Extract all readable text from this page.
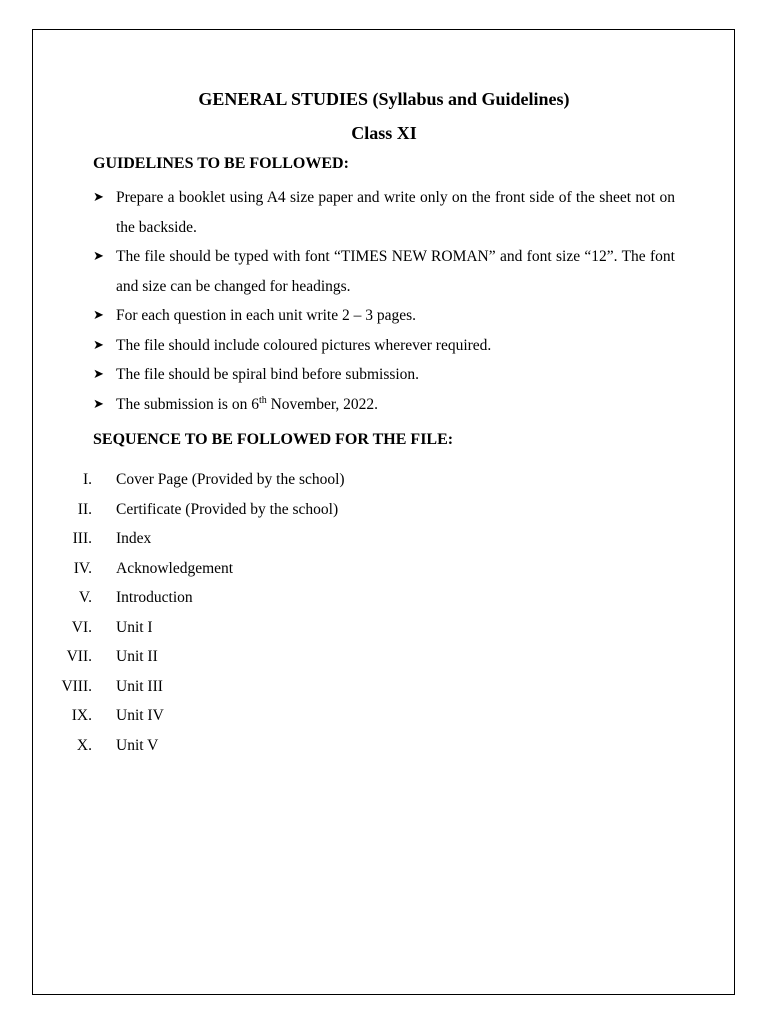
GENERAL STUDIES (Syllabus and Guidelines)
Class XI
GUIDELINES TO BE FOLLOWED:
➤ Prepare a booklet using A4 size paper and write only on the front side of the sheet not on the backside.
➤ The file should be typed with font “TIMES NEW ROMAN” and font size “12”. The font and size can be changed for headings.
➤ For each question in each unit write 2 – 3 pages.
➤ The file should include coloured pictures wherever required.
➤ The file should be spiral bind before submission.
➤ The submission is on 6th November, 2022.
SEQUENCE TO BE FOLLOWED FOR THE FILE:
I. Cover Page (Provided by the school)
II. Certificate (Provided by the school)
III. Index
IV. Acknowledgement
V. Introduction
VI. Unit I
VII. Unit II
VIII. Unit III
IX. Unit IV
X. Unit V
